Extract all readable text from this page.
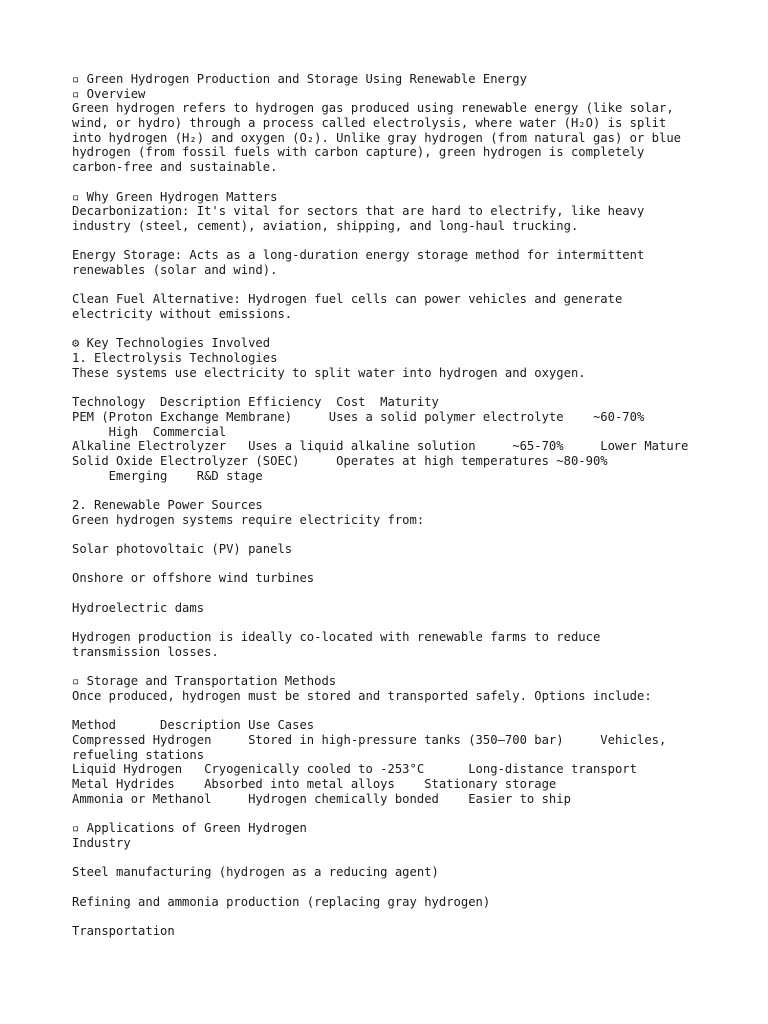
▫ Green Hydrogen Production and Storage Using Renewable Energy
▫ Overview
Green hydrogen refers to hydrogen gas produced using renewable energy (like solar,
wind, or hydro) through a process called electrolysis, where water (H₂O) is split
into hydrogen (H₂) and oxygen (O₂). Unlike gray hydrogen (from natural gas) or blue
hydrogen (from fossil fuels with carbon capture), green hydrogen is completely
carbon-free and sustainable.
▫ Why Green Hydrogen Matters
Decarbonization: It's vital for sectors that are hard to electrify, like heavy
industry (steel, cement), aviation, shipping, and long-haul trucking.
Energy Storage: Acts as a long-duration energy storage method for intermittent
renewables (solar and wind).
Clean Fuel Alternative: Hydrogen fuel cells can power vehicles and generate
electricity without emissions.
⚙ Key Technologies Involved
1. Electrolysis Technologies
These systems use electricity to split water into hydrogen and oxygen.
Technology  Description Efficiency  Cost  Maturity
PEM (Proton Exchange Membrane)     Uses a solid polymer electrolyte    ~60-70%
High  Commercial
Alkaline Electrolyzer   Uses a liquid alkaline solution     ~65-70%     Lower Mature
Solid Oxide Electrolyzer (SOEC)     Operates at high temperatures ~80-90%
Emerging    R&D stage
2. Renewable Power Sources
Green hydrogen systems require electricity from:
Solar photovoltaic (PV) panels
Onshore or offshore wind turbines
Hydroelectric dams
Hydrogen production is ideally co-located with renewable farms to reduce
transmission losses.
▫ Storage and Transportation Methods
Once produced, hydrogen must be stored and transported safely. Options include:
Method      Description Use Cases
Compressed Hydrogen     Stored in high-pressure tanks (350–700 bar)     Vehicles,
refueling stations
Liquid Hydrogen   Cryogenically cooled to -253°C      Long-distance transport
Metal Hydrides    Absorbed into metal alloys    Stationary storage
Ammonia or Methanol     Hydrogen chemically bonded    Easier to ship
▫ Applications of Green Hydrogen
Industry
Steel manufacturing (hydrogen as a reducing agent)
Refining and ammonia production (replacing gray hydrogen)
Transportation
